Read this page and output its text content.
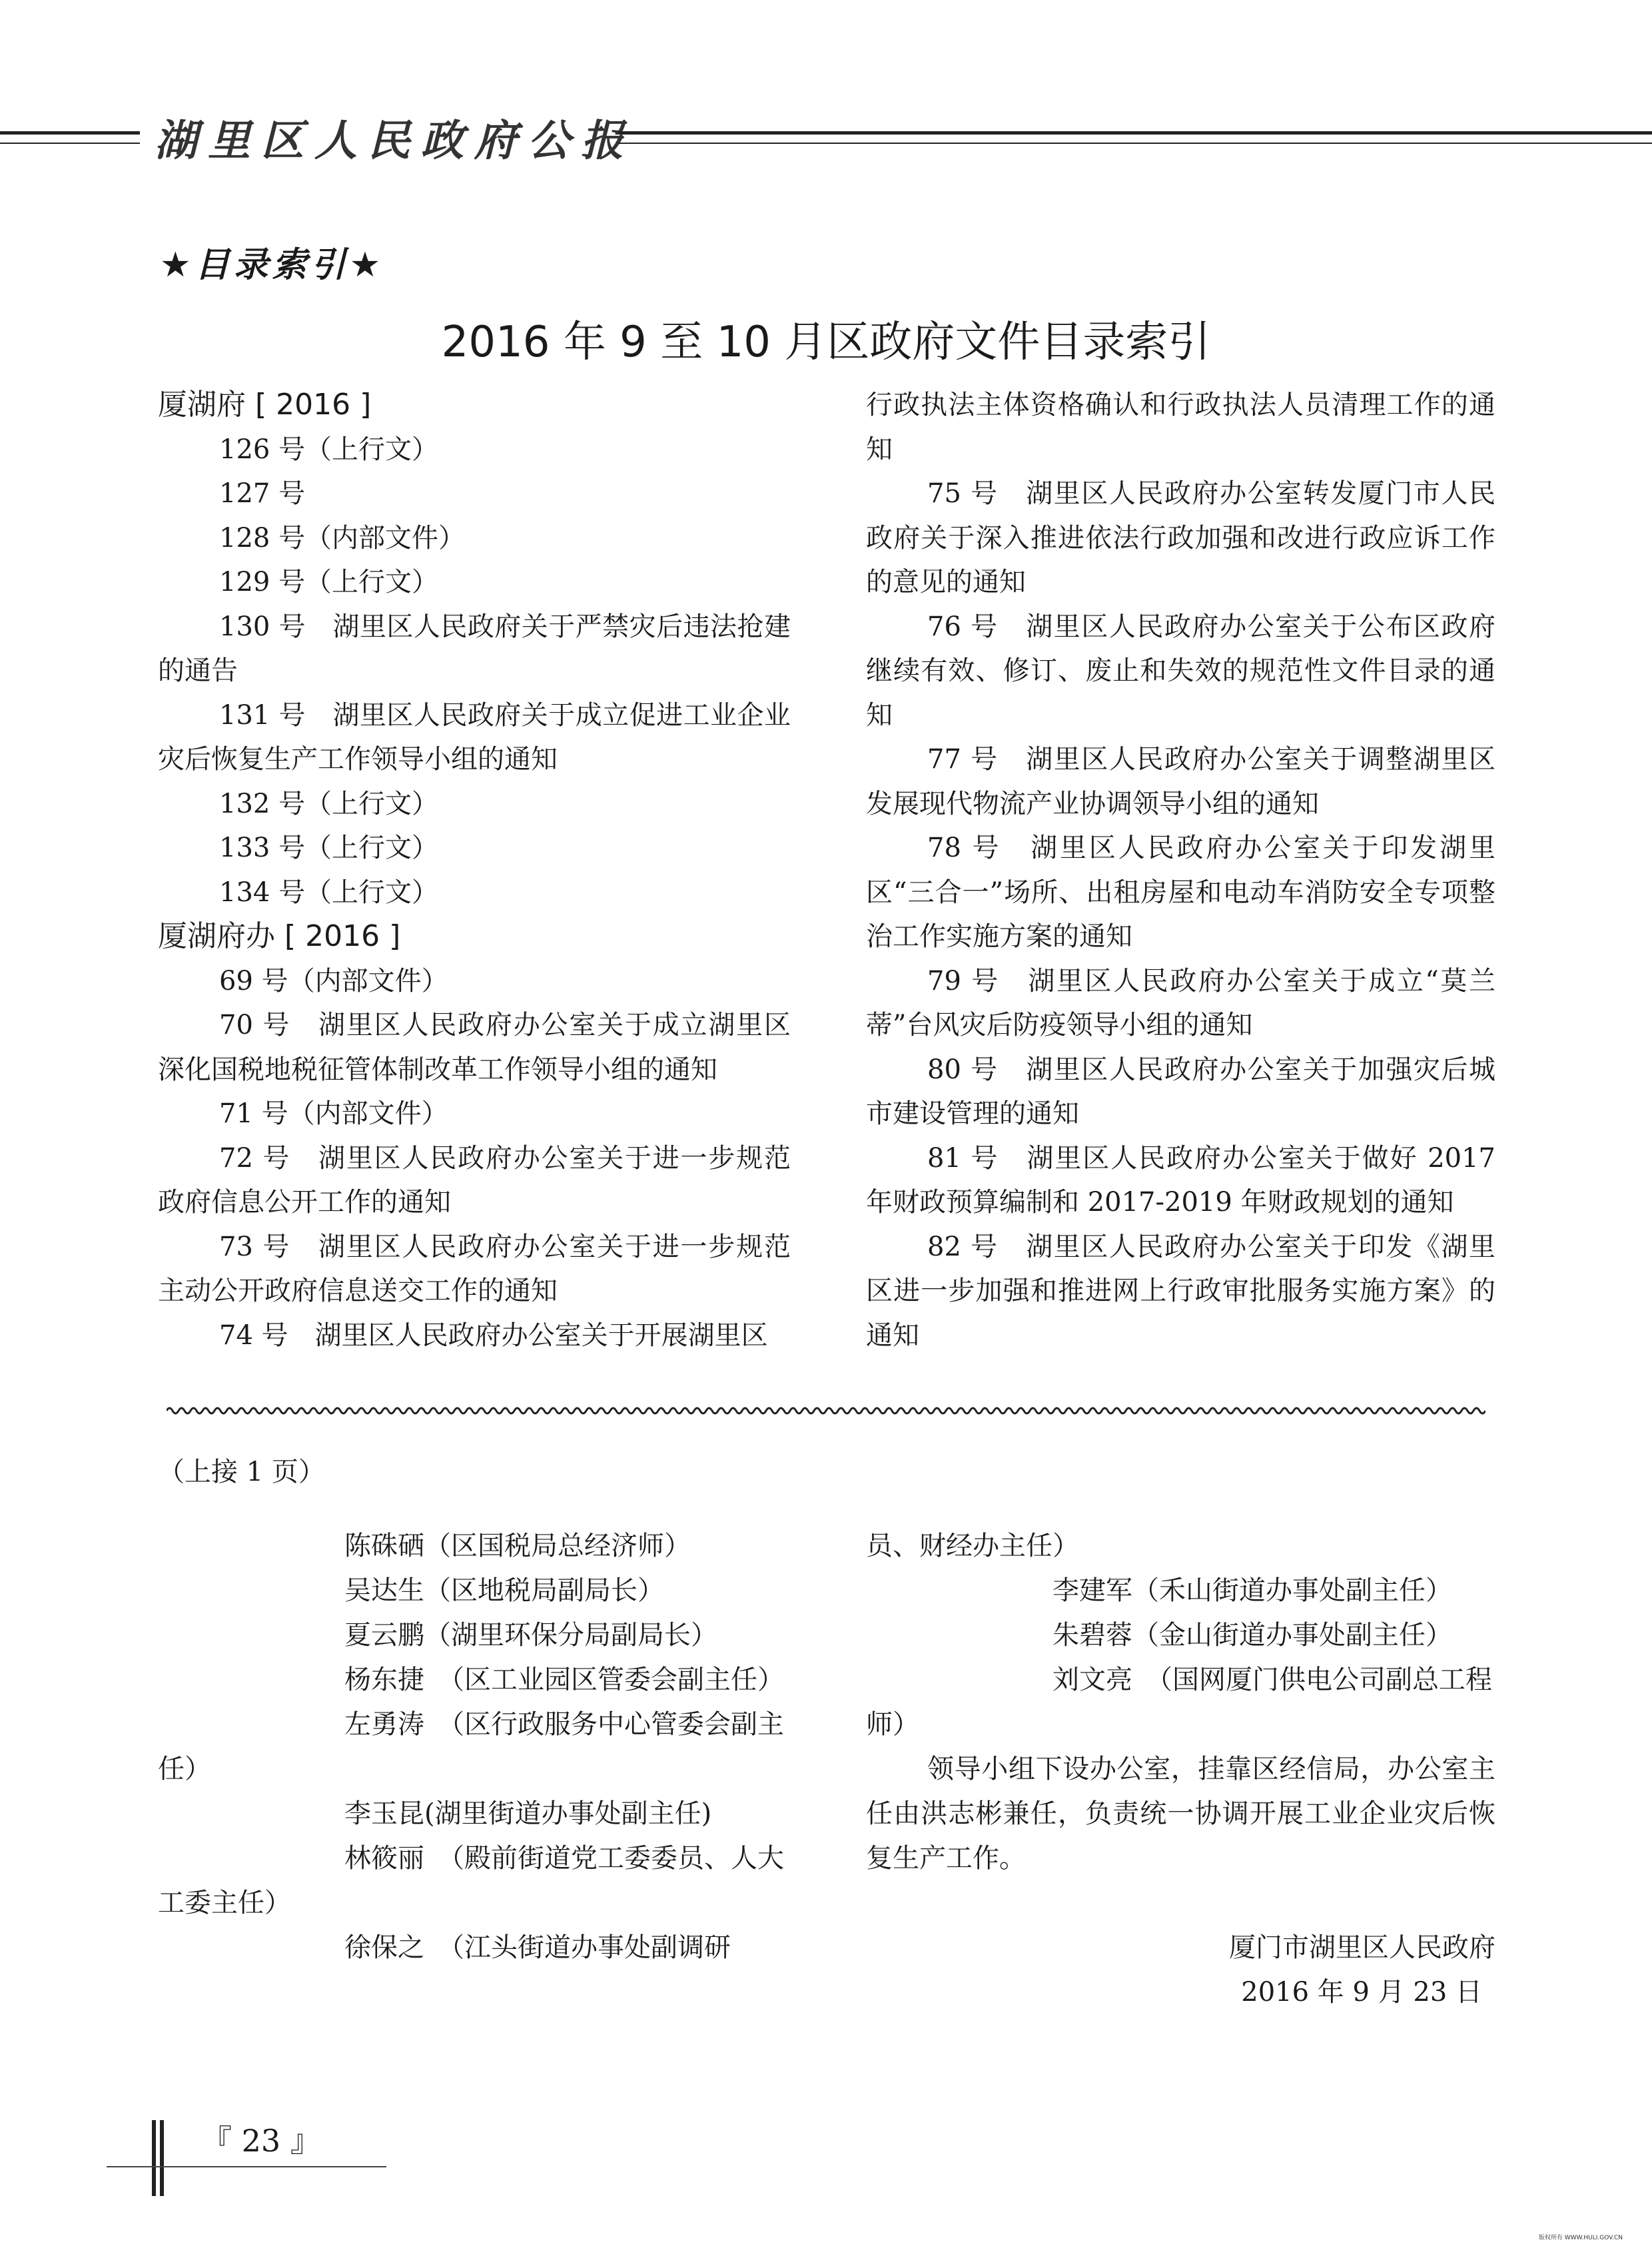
湖里区人民政府公报
★目录索引★
2016 年 9 至 10 月区政府文件目录索引

厦湖府 [ 2016 ]

126 号（上行文）

127 号

128 号（内部文件）

129 号（上行文）

130 号　湖里区人民政府关于严禁灾后违法抢建的通告

131 号　湖里区人民政府关于成立促进工业企业灾后恢复生产工作领导小组的通知

132 号（上行文）

133 号（上行文）

134 号（上行文）

厦湖府办 [ 2016 ]

69 号（内部文件）

70 号　湖里区人民政府办公室关于成立湖里区深化国税地税征管体制改革工作领导小组的通知

71 号（内部文件）

72 号　湖里区人民政府办公室关于进一步规范政府信息公开工作的通知

73 号　湖里区人民政府办公室关于进一步规范主动公开政府信息送交工作的通知

74 号　湖里区人民政府办公室关于开展湖里区

行政执法主体资格确认和行政执法人员清理工作的通知

75 号　湖里区人民政府办公室转发厦门市人民政府关于深入推进依法行政加强和改进行政应诉工作的意见的通知

76 号　湖里区人民政府办公室关于公布区政府继续有效、修订、废止和失效的规范性文件目录的通知

77 号　湖里区人民政府办公室关于调整湖里区发展现代物流产业协调领导小组的通知

78 号　湖里区人民政府办公室关于印发湖里区“三合一”场所、出租房屋和电动车消防安全专项整治工作实施方案的通知

79 号　湖里区人民政府办公室关于成立“莫兰蒂”台风灾后防疫领导小组的通知

80 号　湖里区人民政府办公室关于加强灾后城市建设管理的通知

81 号　湖里区人民政府办公室关于做好 2017 年财政预算编制和 2017-2019 年财政规划的通知

82 号　湖里区人民政府办公室关于印发《湖里区进一步加强和推进网上行政审批服务实施方案》的通知

（上接 1 页）

陈硃硒（区国税局总经济师）

吴达生（区地税局副局长）

夏云鹏（湖里环保分局副局长）

杨东捷　（区工业园区管委会副主任）

左勇涛　（区行政服务中心管委会副主任）

李玉昆(湖里街道办事处副主任)

林筱丽　（殿前街道党工委委员、人大工委主任）

徐保之　（江头街道办事处副调研

员、财经办主任）

李建军（禾山街道办事处副主任）

朱碧蓉（金山街道办事处副主任）

刘文亮　（国网厦门供电公司副总工程师）

领导小组下设办公室，挂靠区经信局，办公室主任由洪志彬兼任，负责统一协调开展工业企业灾后恢复生产工作。

厦门市湖里区人民政府

2016 年 9 月 23 日

『 23 』
版权所有 WWW.HULI.GOV.CN
